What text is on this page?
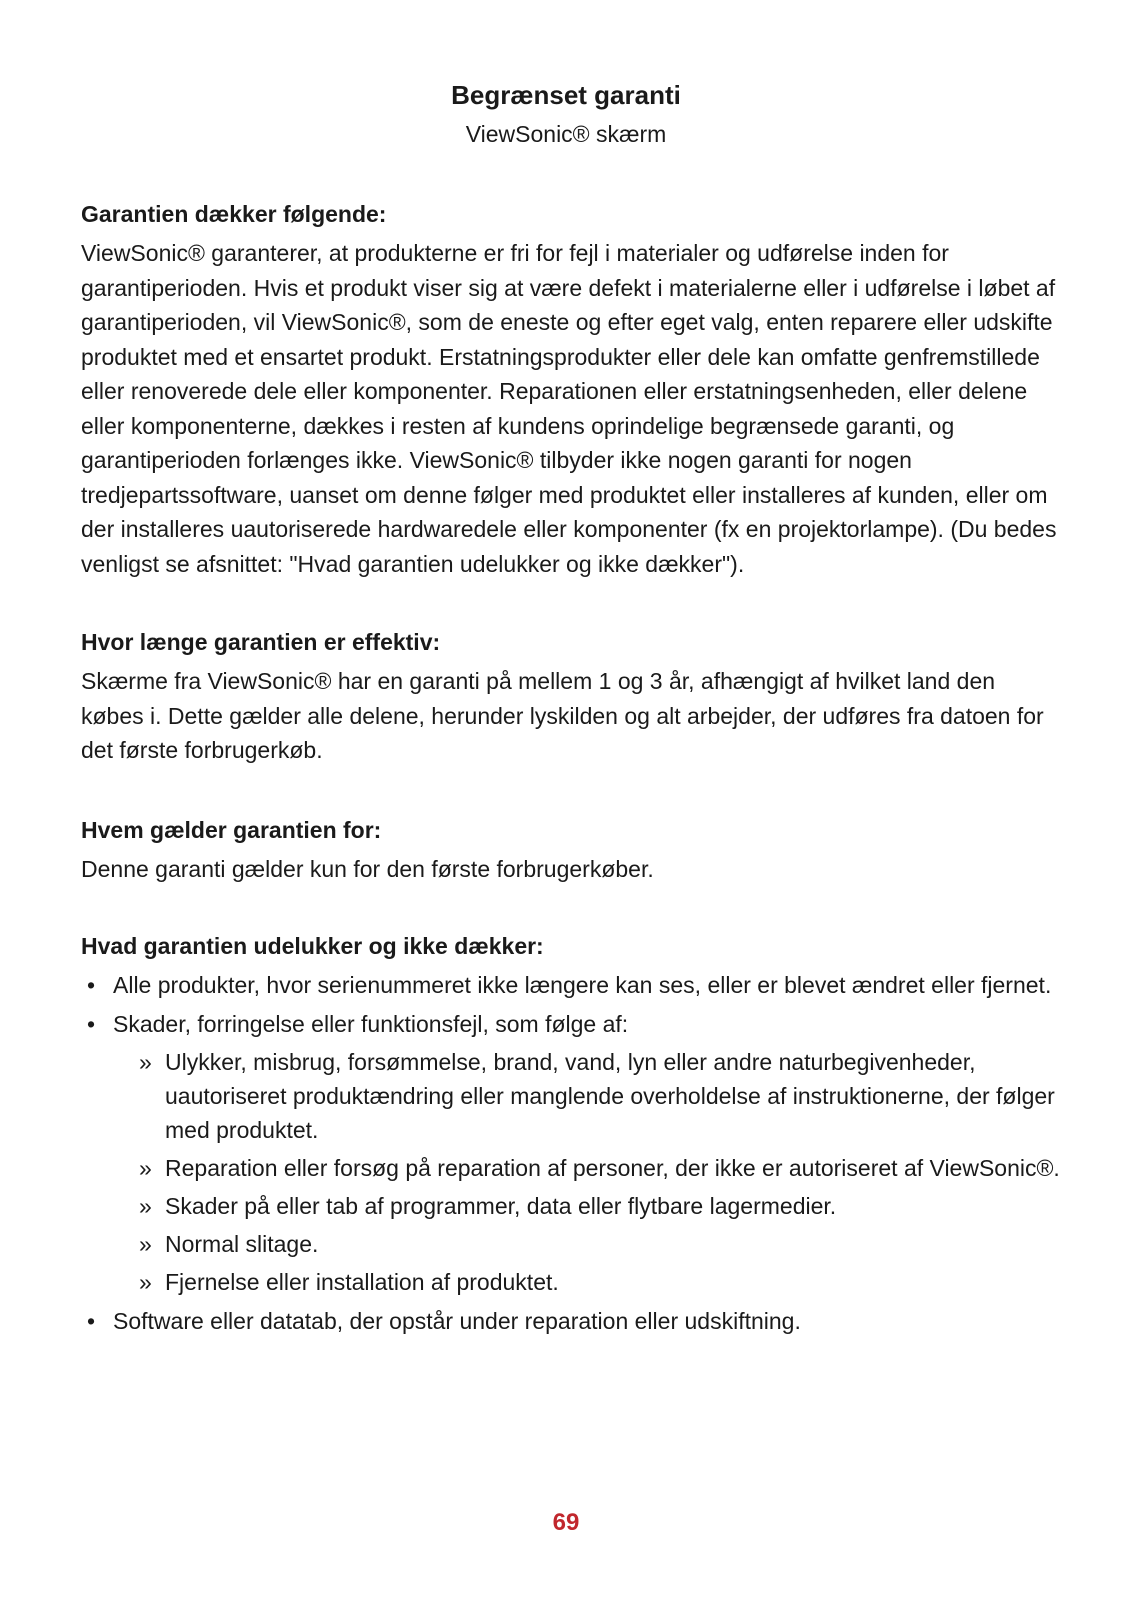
Begrænset garanti
ViewSonic® skærm
Garantien dækker følgende:

ViewSonic® garanterer, at produkterne er fri for fejl i materialer og udførelse inden for garantiperioden. Hvis et produkt viser sig at være defekt i materialerne eller i udførelse i løbet af garantiperioden, vil ViewSonic®, som de eneste og efter eget valg, enten reparere eller udskifte produktet med et ensartet produkt. Erstatningsprodukter eller dele kan omfatte genfremstillede eller renoverede dele eller komponenter. Reparationen eller erstatningsenheden, eller delene eller komponenterne, dækkes i resten af kundens oprindelige begrænsede garanti, og garantiperioden forlænges ikke. ViewSonic® tilbyder ikke nogen garanti for nogen tredjepartssoftware, uanset om denne følger med produktet eller installeres af kunden, eller om der installeres uautoriserede hardwaredele eller komponenter (fx en projektorlampe). (Du bedes venligst se afsnittet: "Hvad garantien udelukker og ikke dækker").

Hvor længe garantien er effektiv:

Skærme fra ViewSonic® har en garanti på mellem 1 og 3 år, afhængigt af hvilket land den købes i. Dette gælder alle delene, herunder lyskilden og alt arbejder, der udføres fra datoen for det første forbrugerkøb.

Hvem gælder garantien for:

Denne garanti gælder kun for den første forbrugerkøber.

Hvad garantien udelukker og ikke dækker:
• Alle produkter, hvor serienummeret ikke længere kan ses, eller er blevet ændret eller fjernet.
• Skader, forringelse eller funktionsfejl, som følge af:
» Ulykker, misbrug, forsømmelse, brand, vand, lyn eller andre naturbegivenheder, uautoriseret produktændring eller manglende overholdelse af instruktionerne, der følger med produktet.
» Reparation eller forsøg på reparation af personer, der ikke er autoriseret af ViewSonic®.
» Skader på eller tab af programmer, data eller flytbare lagermedier.
» Normal slitage.
» Fjernelse eller installation af produktet.
• Software eller datatab, der opstår under reparation eller udskiftning.
69
